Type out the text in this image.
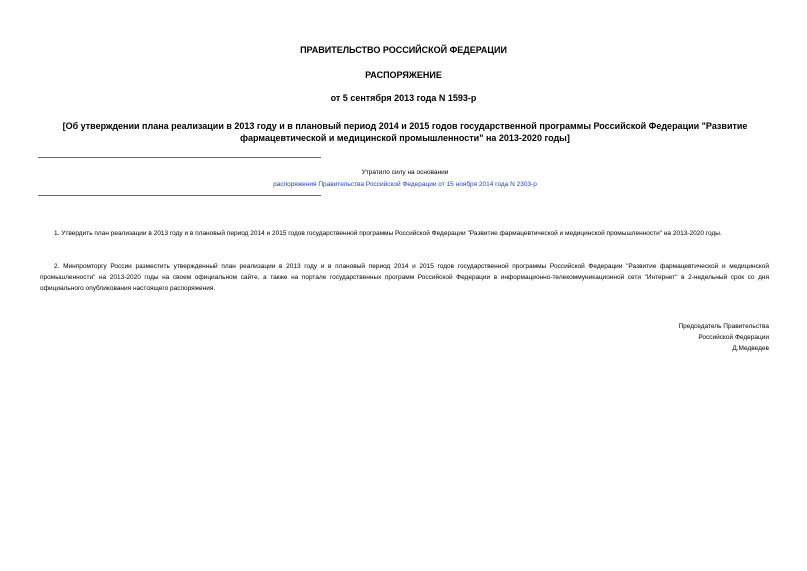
ПРАВИТЕЛЬСТВО РОССИЙСКОЙ ФЕДЕРАЦИИ
РАСПОРЯЖЕНИЕ
от 5 сентября 2013 года N 1593-р
[Об утверждении плана реализации в 2013 году и в плановый период 2014 и 2015 годов государственной программы Российской Федерации "Развитие фармацевтической и медицинской промышленности" на 2013-2020 годы]
Утратило силу на основании
распоряжения Правительства Российской Федерации от 15 ноября 2014 года N 2303-р
1. Утвердить план реализации в 2013 году и в плановый период 2014 и 2015 годов государственной программы Российской Федерации "Развитие фармацевтической и медицинской промышленности" на 2013-2020 годы.
2. Минпромторгу России разместить утвержденный план реализации в 2013 году и в плановый период 2014 и 2015 годов государственной программы Российской Федерации "Развитие фармацевтической и медицинской промышленности" на 2013-2020 годы на своем официальном сайте, а также на портале государственных программ Российской Федерации в информационно-телекоммуникационной сети "Интернет" в 2-недельный срок со дня официального опубликования настоящего распоряжения.
Председатель Правительства
Российской Федерации
Д.Медведев
